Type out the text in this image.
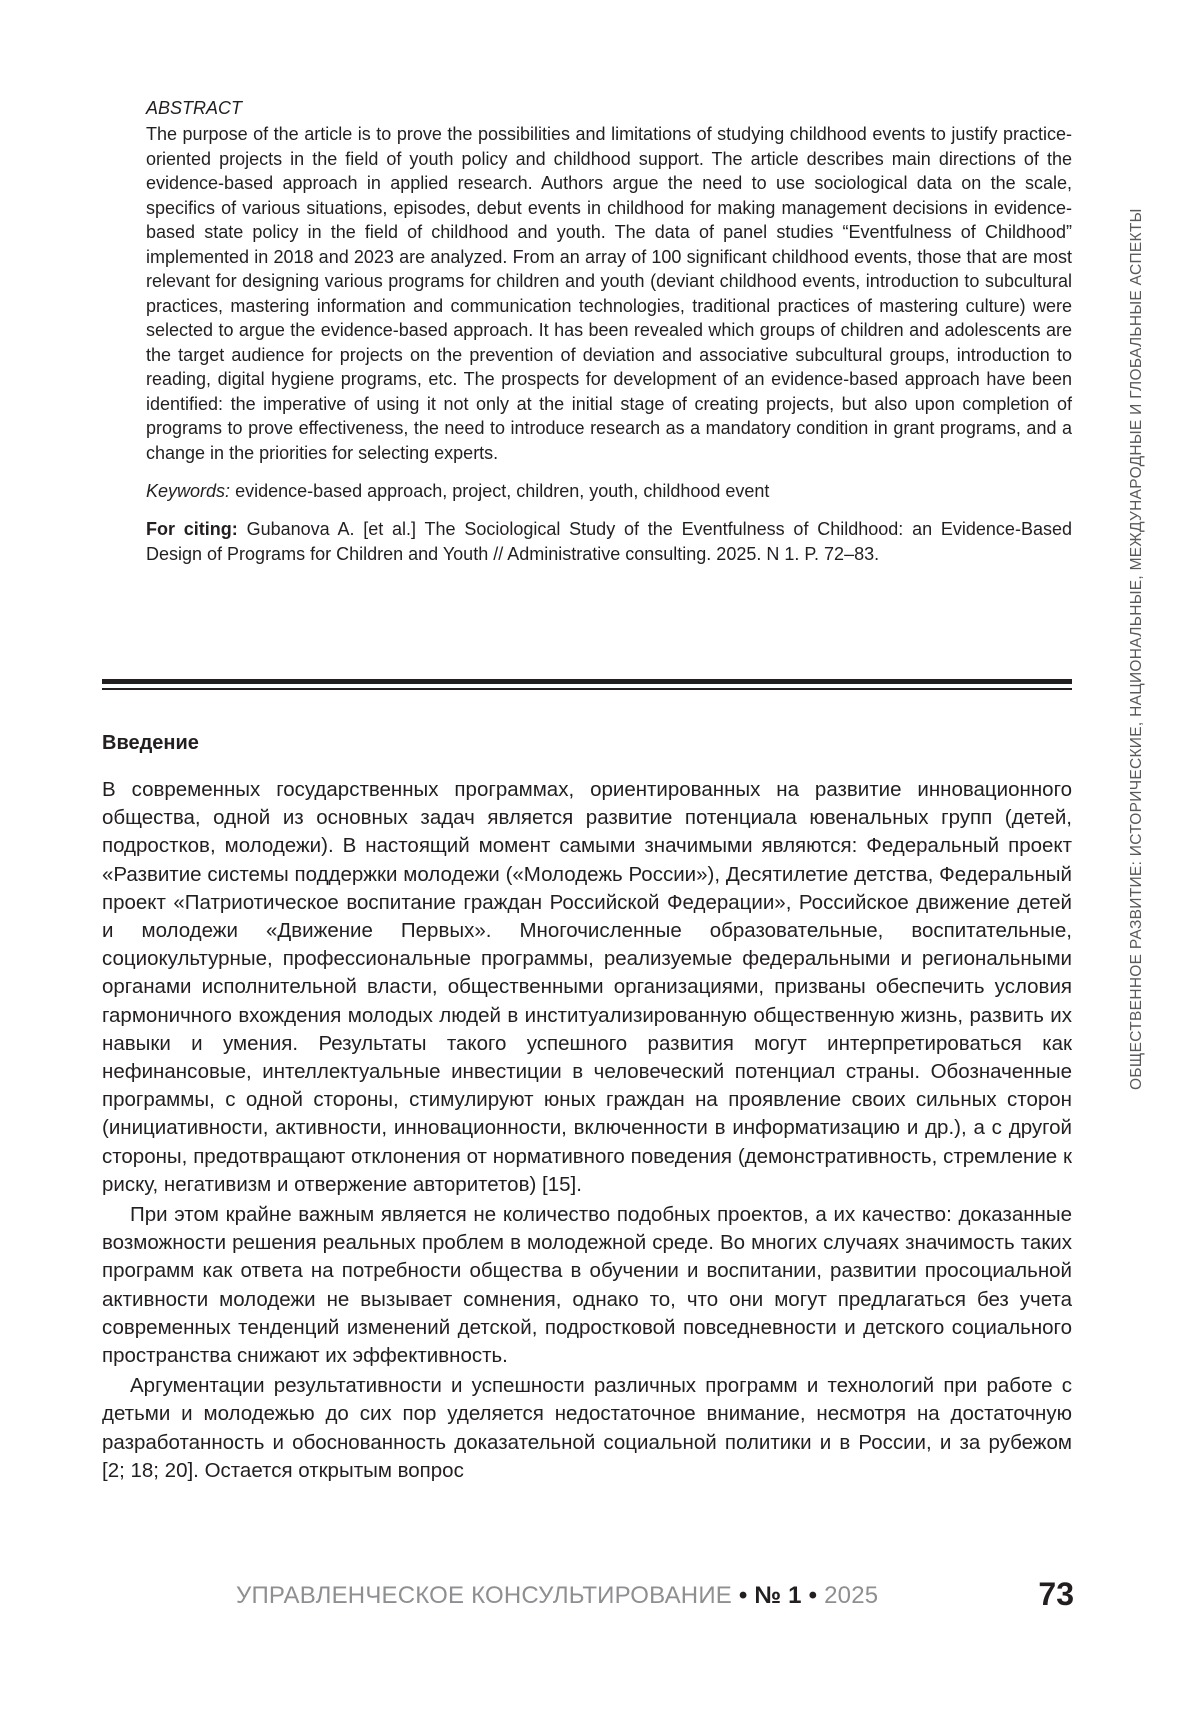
ABSTRACT

The purpose of the article is to prove the possibilities and limitations of studying childhood events to justify practice-oriented projects in the field of youth policy and childhood support. The article describes main directions of the evidence-based approach in applied research. Authors argue the need to use sociological data on the scale, specifics of various situations, episodes, debut events in childhood for making management decisions in evidence-based state policy in the field of childhood and youth. The data of panel studies “Eventfulness of Childhood” implemented in 2018 and 2023 are analyzed. From an array of 100 significant childhood events, those that are most relevant for designing various programs for children and youth (deviant childhood events, introduction to subcultural practices, mastering information and communication technologies, traditional practices of mastering culture) were selected to argue the evidence-based approach. It has been revealed which groups of children and adolescents are the target audience for projects on the prevention of deviation and associative subcultural groups, introduction to reading, digital hygiene programs, etc. The prospects for development of an evidence-based approach have been identified: the imperative of using it not only at the initial stage of creating projects, but also upon completion of programs to prove effectiveness, the need to introduce research as a mandatory condition in grant programs, and a change in the priorities for selecting experts.

Keywords: evidence-based approach, project, children, youth, childhood event

For citing: Gubanova A. [et al.] The Sociological Study of the Eventfulness of Childhood: an Evidence-Based Design of Programs for Children and Youth // Administrative consulting. 2025. N 1. P. 72–83.

Введение

В современных государственных программах, ориентированных на развитие инновационного общества, одной из основных задач является развитие потенциала ювенальных групп (детей, подростков, молодежи). В настоящий момент самыми значимыми являются: Федеральный проект «Развитие системы поддержки молодежи («Молодежь России»), Десятилетие детства, Федеральный проект «Патриотическое воспитание граждан Российской Федерации», Российское движение детей и молодежи «Движение Первых». Многочисленные образовательные, воспитательные, социокультурные, профессиональные программы, реализуемые федеральными и региональными органами исполнительной власти, общественными организациями, призваны обеспечить условия гармоничного вхождения молодых людей в институализированную общественную жизнь, развить их навыки и умения. Результаты такого успешного развития могут интерпретироваться как нефинансовые, интеллектуальные инвестиции в человеческий потенциал страны. Обозначенные программы, с одной стороны, стимулируют юных граждан на проявление своих сильных сторон (инициативности, активности, инновационности, включенности в информатизацию и др.), а с другой стороны, предотвращают отклонения от нормативного поведения (демонстративность, стремление к риску, негативизм и отвержение авторитетов) [15].

При этом крайне важным является не количество подобных проектов, а их качество: доказанные возможности решения реальных проблем в молодежной среде. Во многих случаях значимость таких программ как ответа на потребности общества в обучении и воспитании, развитии просоциальной активности молодежи не вызывает сомнения, однако то, что они могут предлагаться без учета современных тенденций изменений детской, подростковой повседневности и детского социального пространства снижают их эффективность.

Аргументации результативности и успешности различных программ и технологий при работе с детьми и молодежью до сих пор уделяется недостаточное внимание, несмотря на достаточную разработанность и обоснованность доказательной социальной политики и в России, и за рубежом [2; 18; 20]. Остается открытым вопрос

ОБЩЕСТВЕННОЕ РАЗВИТИЕ: ИСТОРИЧЕСКИЕ, НАЦИОНАЛЬНЫЕ, МЕЖДУНАРОДНЫЕ И ГЛОБАЛЬНЫЕ АСПЕКТЫ
УПРАВЛЕНЧЕСКОЕ КОНСУЛЬТИРОВАНИЕ • № 1 • 2025	73
